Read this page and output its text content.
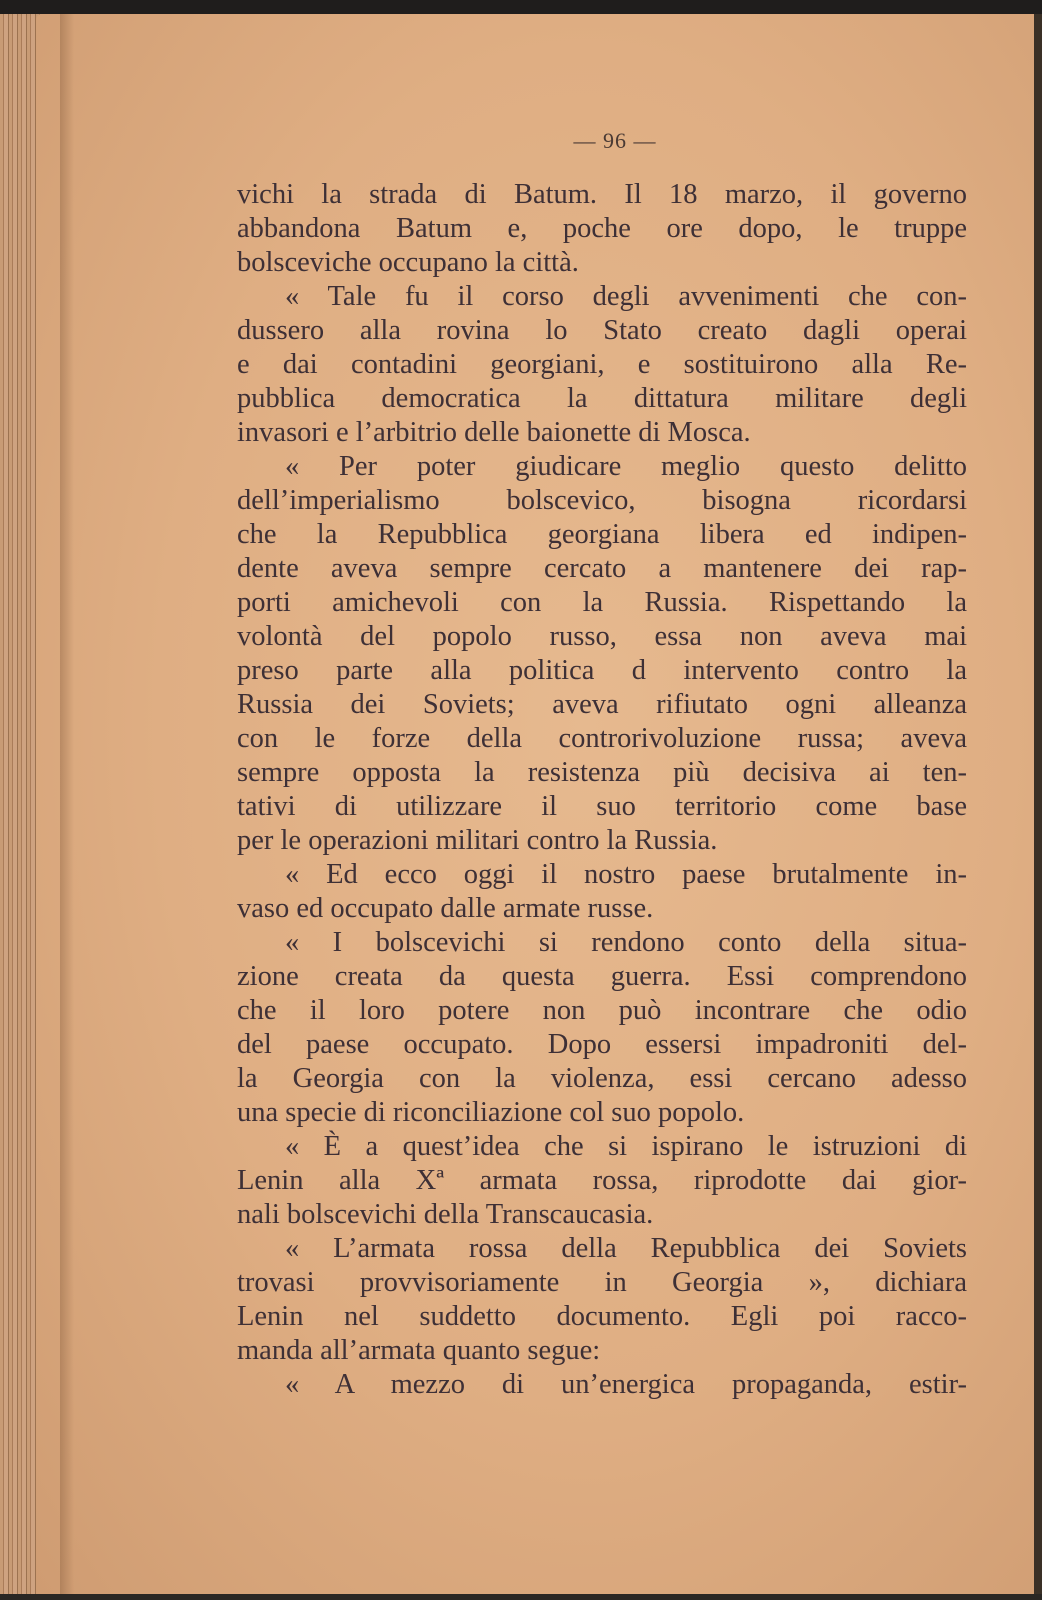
— 96 —
vichi la strada di Batum. Il 18 marzo, il governo
abbandona Batum e, poche ore dopo, le truppe
bolsceviche occupano la città.
« Tale fu il corso degli avvenimenti che con-
dussero alla rovina lo Stato creato dagli operai
e dai contadini georgiani, e sostituirono alla Re-
pubblica democratica la dittatura militare degli
invasori e l’arbitrio delle baionette di Mosca.
« Per poter giudicare meglio questo delitto
dell’imperialismo bolscevico, bisogna ricordarsi
che la Repubblica georgiana libera ed indipen-
dente aveva sempre cercato a mantenere dei rap-
porti amichevoli con la Russia. Rispettando la
volontà del popolo russo, essa non aveva mai
preso parte alla politica d intervento contro la
Russia dei Soviets; aveva rifiutato ogni alleanza
con le forze della controrivoluzione russa; aveva
sempre opposta la resistenza più decisiva ai ten-
tativi di utilizzare il suo territorio come base
per le operazioni militari contro la Russia.
« Ed ecco oggi il nostro paese brutalmente in-
vaso ed occupato dalle armate russe.
« I bolscevichi si rendono conto della situa-
zione creata da questa guerra. Essi comprendono
che il loro potere non può incontrare che odio
del paese occupato. Dopo essersi impadroniti del-
la Georgia con la violenza, essi cercano adesso
una specie di riconciliazione col suo popolo.
« È a quest’idea che si ispirano le istruzioni di
Lenin alla Xª armata rossa, riprodotte dai gior-
nali bolscevichi della Transcaucasia.
« L’armata rossa della Repubblica dei Soviets
trovasi provvisoriamente in Georgia », dichiara
Lenin nel suddetto documento. Egli poi racco-
manda all’armata quanto segue:
« A mezzo di un’energica propaganda, estir-
